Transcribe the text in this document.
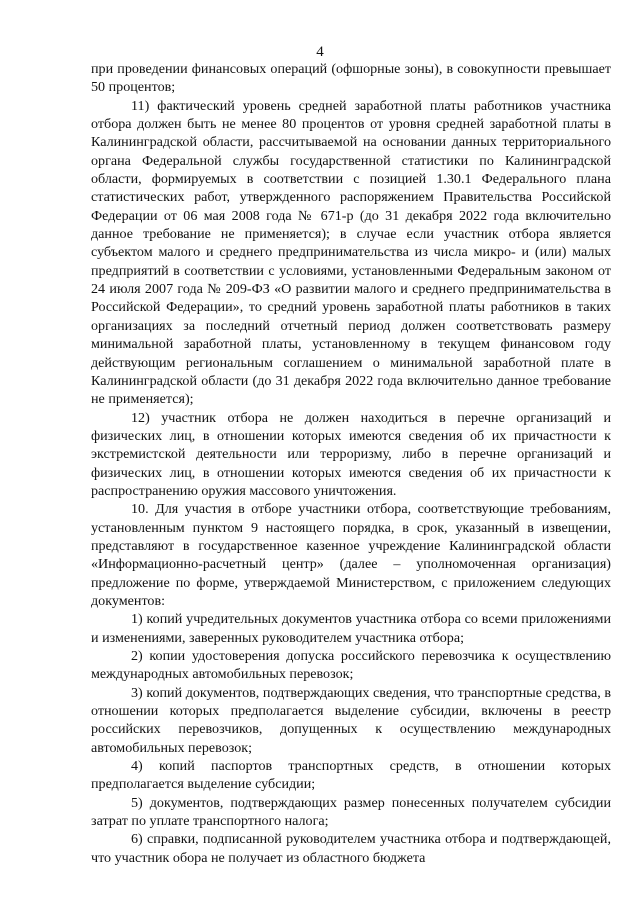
4

при проведении финансовых операций (офшорные зоны), в совокупности превышает 50 процентов;

11) фактический уровень средней заработной платы работников участника отбора должен быть не менее 80 процентов от уровня средней заработной платы в Калининградской области, рассчитываемой на основании данных территориального органа Федеральной службы государственной статистики по Калининградской области, формируемых в соответствии с позицией 1.30.1 Федерального плана статистических работ, утвержденного распоряжением Правительства Российской Федерации от 06 мая 2008 года № 671-р (до 31 декабря 2022 года включительно данное требование не применяется); в случае если участник отбора является субъектом малого и среднего предпринимательства из числа микро- и (или) малых предприятий в соответствии с условиями, установленными Федеральным законом от 24 июля 2007 года № 209-ФЗ «О развитии малого и среднего предпринимательства в Российской Федерации», то средний уровень заработной платы работников в таких организациях за последний отчетный период должен соответствовать размеру минимальной заработной платы, установленному в текущем финансовом году действующим региональным соглашением о минимальной заработной плате в Калининградской области (до 31 декабря 2022 года включительно данное требование не применяется);

12) участник отбора не должен находиться в перечне организаций и физических лиц, в отношении которых имеются сведения об их причастности к экстремистской деятельности или терроризму, либо в перечне организаций и физических лиц, в отношении которых имеются сведения об их причастности к распространению оружия массового уничтожения.

10. Для участия в отборе участники отбора, соответствующие требованиям, установленным пунктом 9 настоящего порядка, в срок, указанный в извещении, представляют в государственное казенное учреждение Калининградской области «Информационно-расчетный центр» (далее – уполномоченная организация) предложение по форме, утверждаемой Министерством, с приложением следующих документов:

1) копий учредительных документов участника отбора со всеми приложениями и изменениями, заверенных руководителем участника отбора;

2) копии удостоверения допуска российского перевозчика к осуществлению международных автомобильных перевозок;

3) копий документов, подтверждающих сведения, что транспортные средства, в отношении которых предполагается выделение субсидии, включены в реестр российских перевозчиков, допущенных к осуществлению международных автомобильных перевозок;

4) копий паспортов транспортных средств, в отношении которых предполагается выделение субсидии;

5) документов, подтверждающих размер понесенных получателем субсидии затрат по уплате транспортного налога;

6) справки, подписанной руководителем участника отбора и подтверждающей, что участник обора не получает из областного бюджета
